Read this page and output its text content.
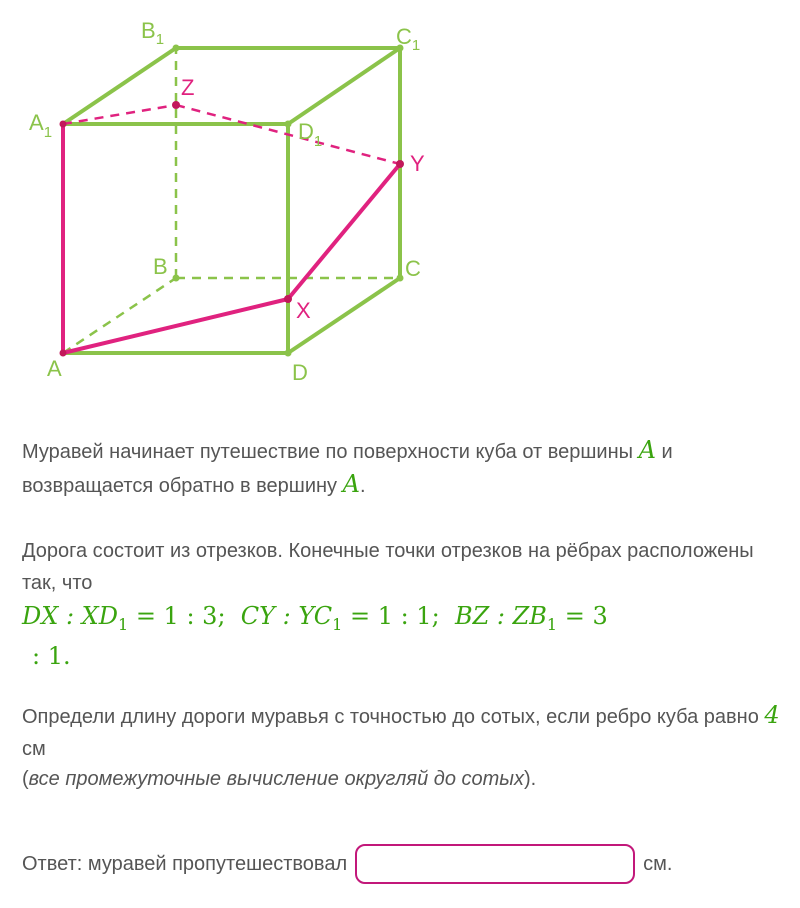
$B_1$	$C_1$
$A_1$	$D_1$
Z
Y
B	C
X
A	D

Муравей начинает путешествие по поверхности куба от вершины A и возвращается обратно в вершину A.

Дорога состоит из отрезков. Конечные точки отрезков на рёбрах расположены так, что

DX : $XD_1 = 1$ : 3; CY : $YC_1 = 1$ : 1; BZ : $ZB_1 = 3$
: 1.

Определи длину дороги муравья с точностью до сотых, если ребро куба равно 4 см

(все промежуточные вычисление округляй до сотых).

Ответ: муравей пропутешествовал	см.
